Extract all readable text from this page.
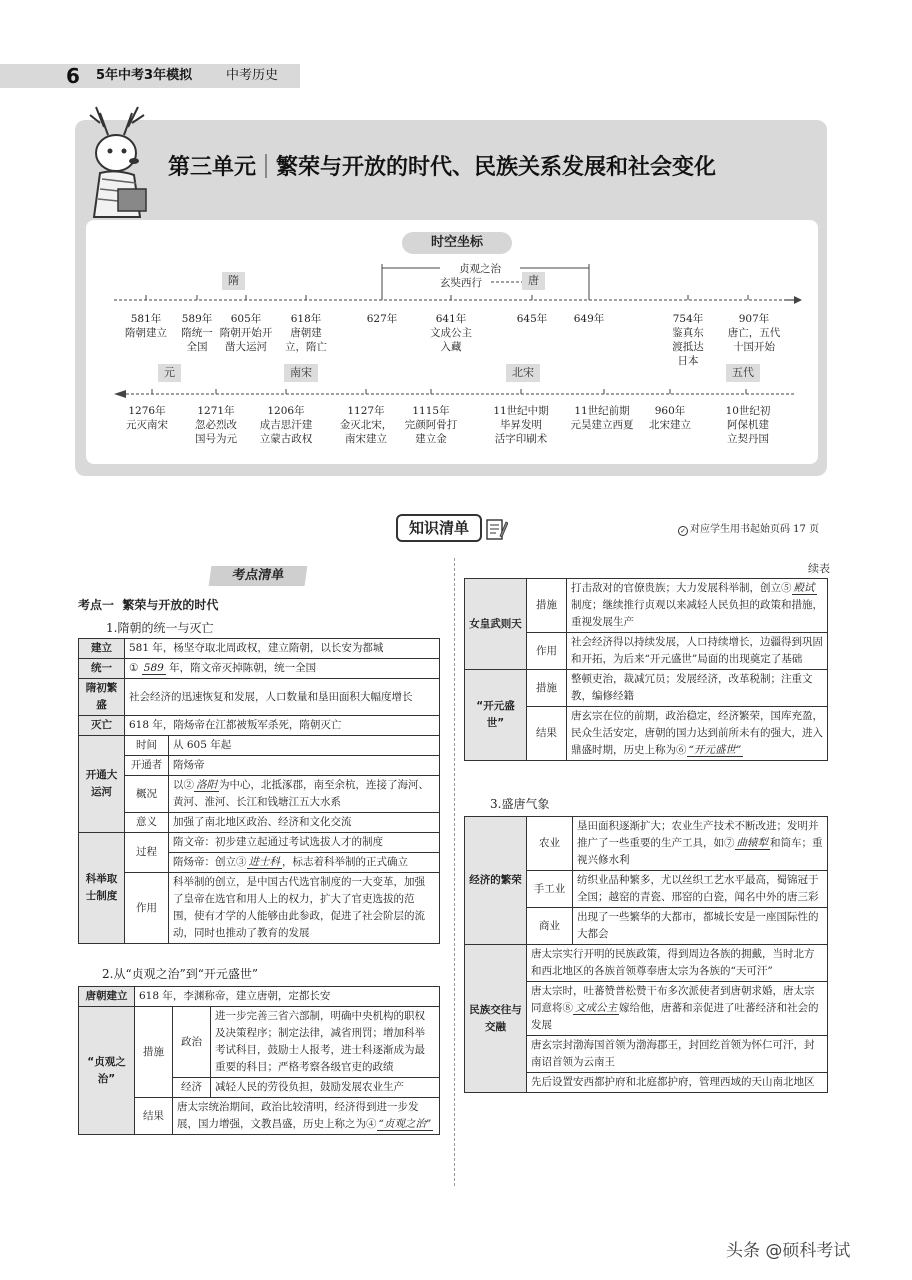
6 5年中考3年模拟	中考历史
第三单元 繁荣与开放的时代、民族关系发展和社会变化
时空坐标
隋	唐
贞观之治
玄奘西行
581年
隋朝建立
589年
隋统一
全国
605年
隋朝开始开
凿大运河
618年
唐朝建
立，隋亡
627年	641年
文成公主
入藏
645年	649年	754年
鉴真东
渡抵达
日本
907年
唐亡，五代
十国开始
元	南宋	北宋	五代
1276年
元灭南宋
1271年
忽必烈改
国号为元
1206年
成吉思汗建
立蒙古政权
1127年
金灭北宋，
南宋建立
1115年
完颜阿骨打
建立金
11世纪中期
毕昇发明
活字印刷术
11世纪前期
元昊建立西夏
960年
北宋建立
10世纪初
阿保机建
立契丹国
知识清单	✓ 对应学生用书起始页码 17 页
考点清单	续表
考点一 繁荣与开放的时代
1.隋朝的统一与灭亡
建立	581 年，杨坚夺取北周政权，建立隋朝，以长安为都城	
统一	① 589 年，隋文帝灭掉陈朝，统一全国	
隋初繁盛	社会经济的迅速恢复和发展，人口数量和垦田面积大幅度增长	
灭亡	618 年，隋炀帝在江都被叛军杀死，隋朝灭亡	
开通大运河	时间	从 605 年起
	开通者	隋炀帝
	概况	以② 洛阳 为中心，北抵涿郡，南至余杭，连接了海河、黄河、淮河、长江和钱塘江五大水系
	意义	加强了南北地区政治、经济和文化交流
科举取士制度	过程	隋文帝：初步建立起通过考试选拔人才的制度
		隋炀帝：创立③ 进士科 ，标志着科举制的正式确立
	作用	科举制的创立，是中国古代选官制度的一大变革，加强了皇帝在选官和用人上的权力，扩大了官吏选拔的范围，使有才学的人能够由此参政，促进了社会阶层的流动，同时也推动了教育的发展
2.从“贞观之治”到“开元盛世”
唐朝建立	618 年，李渊称帝，建立唐朝，定都长安		
“贞观之治”	措施	政治	进一步完善三省六部制，明确中央机构的职权及决策程序；制定法律，减省刑罚；增加科举考试科目，鼓励士人报考，进士科逐渐成为最重要的科目；严格考察各级官吏的政绩
		经济	减轻人民的劳役负担，鼓励发展农业生产
	结果	唐太宗统治期间，政治比较清明，经济得到进一步发展，国力增强，文教昌盛，历史上称之为④ “贞观之治”	
女皇武则天	措施	打击敌对的官僚贵族；大力发展科举制，创立⑤ 殿试制度；继续推行贞观以来减轻人民负担的政策和措施，重视发展生产
	作用	社会经济得以持续发展，人口持续增长，边疆得到巩固和开拓，为后来“开元盛世”局面的出现奠定了基础
“开元盛世”	措施	整顿吏治，裁减冗员；发展经济，改革税制；注重文教，编修经籍
	结果	唐玄宗在位的前期，政治稳定，经济繁荣，国库充盈，民众生活安定，唐朝的国力达到前所未有的强大，进入鼎盛时期，历史上称为⑥ “开元盛世”
3.盛唐气象
经济的繁荣	农业	垦田面积逐渐扩大；农业生产技术不断改进；发明并推广了一些重要的生产工具，如⑦ 曲辕犁 和筒车；重视兴修水利
	手工业	纺织业品种繁多，尤以丝织工艺水平最高，蜀锦冠于全国；越窑的青瓷、邢窑的白瓷，闻名中外的唐三彩
	商业	出现了一些繁华的大都市，都城长安是一座国际性的大都会
民族交往与交融	唐太宗实行开明的民族政策，得到周边各族的拥戴，当时北方和西北地区的各族首领尊奉唐太宗为各族的“天可汗”	
	唐太宗时，吐蕃赞普松赞干布多次派使者到唐朝求婚，唐太宗同意将⑧ 文成公主 嫁给他，唐蕃和亲促进了吐蕃经济和社会的发展	
	唐玄宗封渤海国首领为渤海郡王，封回纥首领为怀仁可汗，封南诏首领为云南王	
	先后设置安西都护府和北庭都护府，管理西域的天山南北地区	
头条 @硕科考试
